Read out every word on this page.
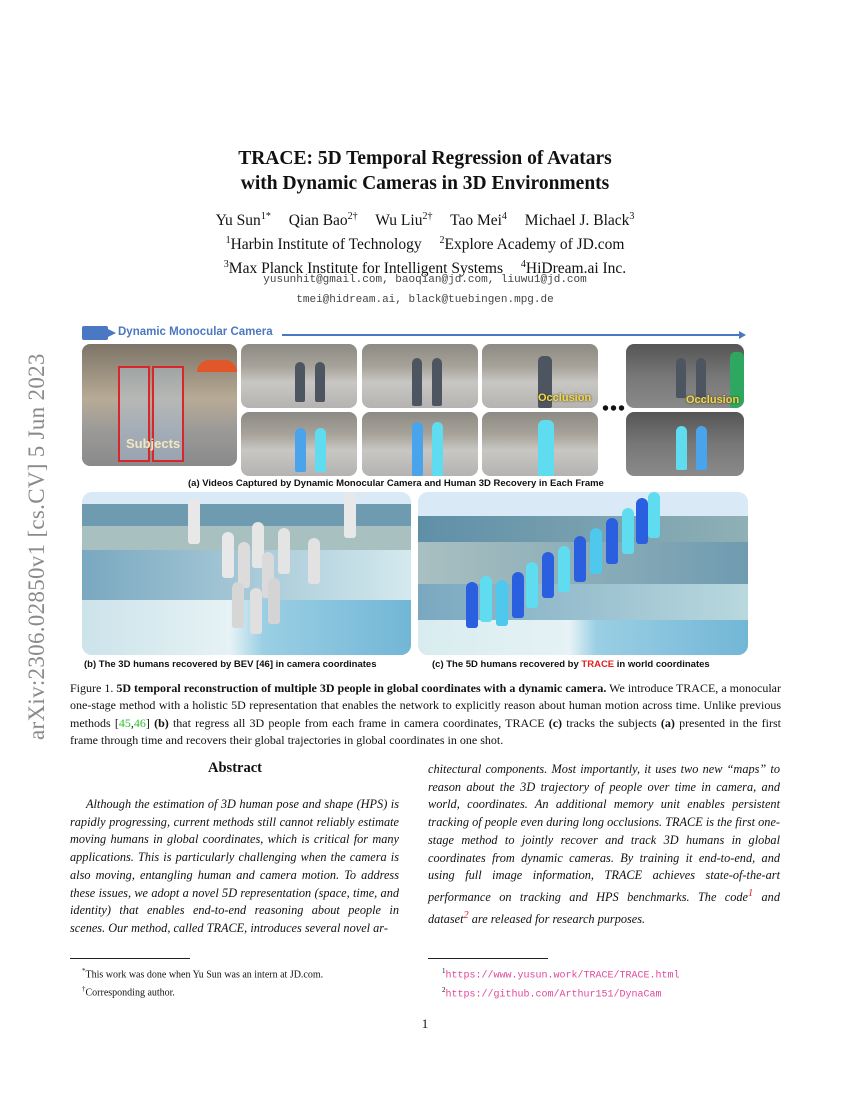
arXiv:2306.02850v1 [cs.CV] 5 Jun 2023
TRACE: 5D Temporal Regression of Avatars
with Dynamic Cameras in 3D Environments
Yu Sun$^{1*}$ Qian Bao$^{2\dagger}$ Wu Liu$^{2\dagger}$ Tao Mei$^4$ Michael J. Black$^3$
$^1$Harbin Institute of Technology $^2$Explore Academy of JD.com
$^3$Max Planck Institute for Intelligent Systems $^4$HiDream.ai Inc.
yusunhit@gmail.com, baoqian@jd.com, liuwu1@jd.com
tmei@hidream.ai, black@tuebingen.mpg.de
Dynamic Monocular Camera
Subjects
Occlusion •••	Occlusion
(a) Videos Captured by Dynamic Monocular Camera and Human 3D Recovery in Each Frame
(b) The 3D humans recovered by BEV [46] in camera coordinates	(c) The 5D humans recovered by TRACE in world coordinates
Figure 1. 5D temporal reconstruction of multiple 3D people in global coordinates with a dynamic camera. We introduce TRACE, a monocular one-stage method with a holistic 5D representation that enables the network to explicitly reason about human motion across time. Unlike previous methods [45,46] (b) that regress all 3D people from each frame in camera coordinates, TRACE (c) tracks the subjects (a) presented in the first frame through time and recovers their global trajectories in global coordinates in one shot.
Abstract
Although the estimation of 3D human pose and shape (HPS) is rapidly progressing, current methods still cannot reliably estimate moving humans in global coordinates, which is critical for many applications. This is particularly challenging when the camera is also moving, entangling human and camera motion. To address these issues, we adopt a novel 5D representation (space, time, and identity) that enables end-to-end reasoning about people in scenes. Our method, called TRACE, introduces several novel ar-
chitectural components. Most importantly, it uses two new “maps” to reason about the 3D trajectory of people over time in camera, and world, coordinates. An additional memory unit enables persistent tracking of people even during long occlusions. TRACE is the first one-stage method to jointly recover and track 3D humans in global coordinates from dynamic cameras. By training it end-to-end, and using full image information, TRACE achieves state-of-the-art performance on tracking and HPS benchmarks. The code$^1$ and dataset$^2$ are released for research purposes.
*This work was done when Yu Sun was an intern at JD.com.
†Corresponding author.
$^1$https://www.yusun.work/TRACE/TRACE.html
$^2$https://github.com/Arthur151/DynaCam
1
